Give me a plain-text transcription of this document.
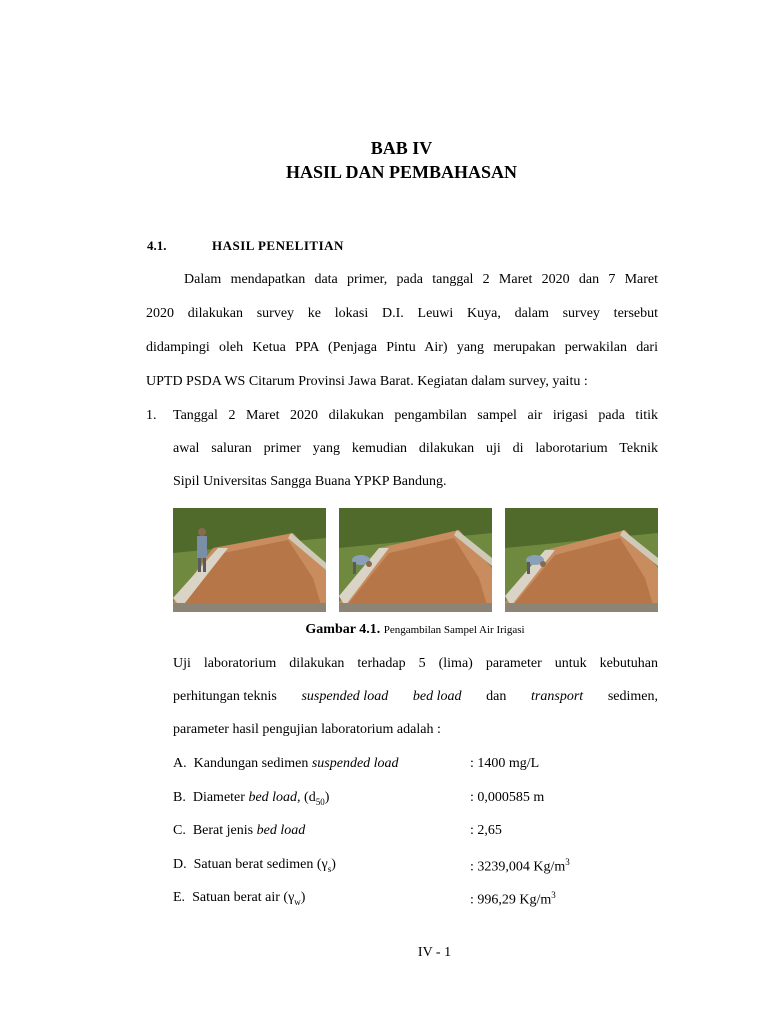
BAB IV
HASIL DAN PEMBAHASAN
4.1.	HASIL PENELITIAN
Dalam mendapatkan data primer, pada tanggal 2 Maret 2020 dan 7 Maret
2020 dilakukan survey ke lokasi D.I. Leuwi Kuya, dalam survey tersebut
didampingi oleh Ketua PPA (Penjaga Pintu Air) yang merupakan perwakilan dari
UPTD PSDA WS Citarum Provinsi Jawa Barat. Kegiatan dalam survey, yaitu :
1. Tanggal 2 Maret 2020 dilakukan pengambilan sampel air irigasi pada titik
awal saluran primer yang kemudian dilakukan uji di laborotarium Teknik
Sipil Universitas Sangga Buana YPKP Bandung.
Gambar 4.1. Pengambilan Sampel Air Irigasi
Uji laboratorium dilakukan terhadap 5 (lima) parameter untuk kebutuhan
perhitungan teknis suspended load bed load dan transport sedimen,
parameter hasil pengujian laboratorium adalah :
A. Kandungan sedimen suspended load	: 1400 mg/L
B. Diameter bed load, $(d_{50})$	: 0,000585 m
C. Berat jenis bed load	: 2,65
D. Satuan berat sedimen $(\gamma_s)$	: 3239,004 $Kg/m^3$
E. Satuan berat air $(\gamma_w)$	: 996,29 $Kg/m^3$
IV - 1
